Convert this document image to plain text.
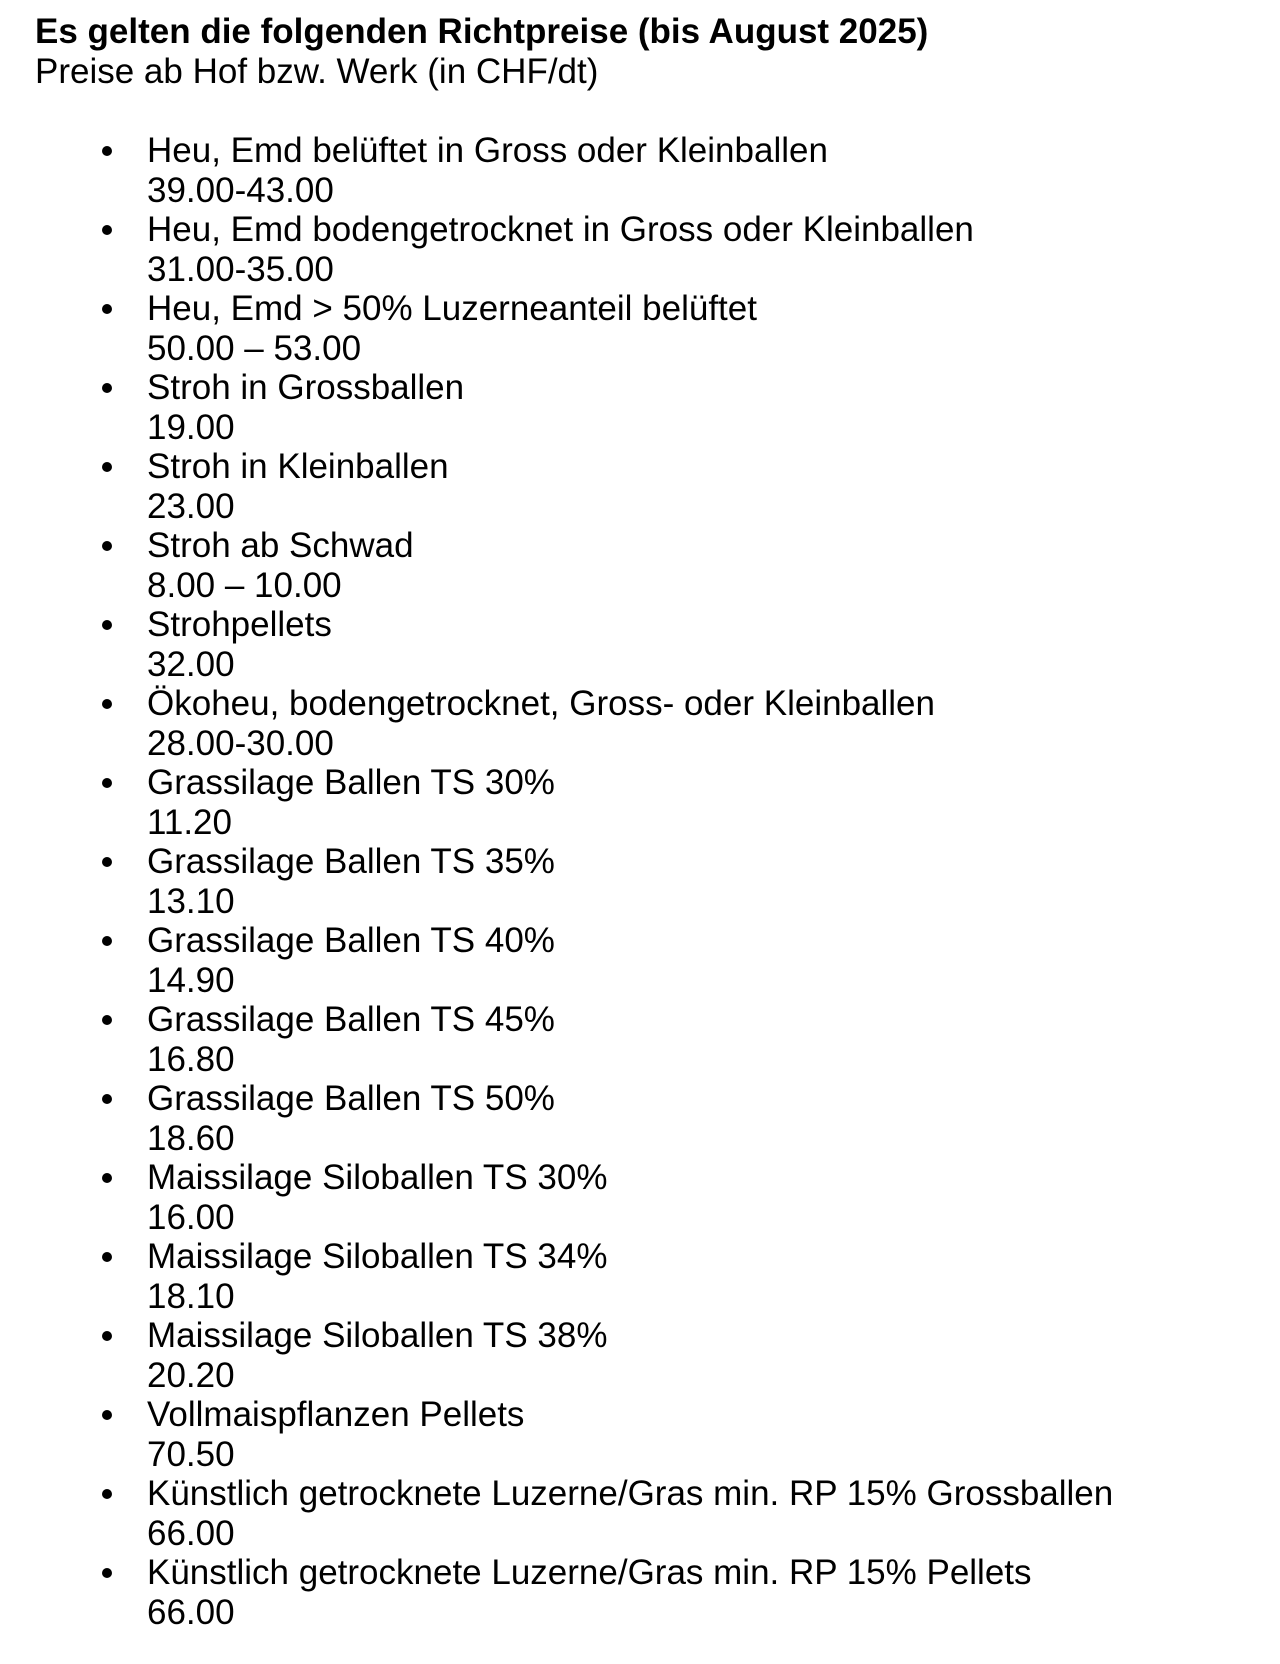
Es gelten die folgenden Richtpreise (bis August 2025)

Preise ab Hof bzw. Werk (in CHF/dt)

Heu, Emd belüftet in Gross oder Kleinballen
39.00-43.00
Heu, Emd bodengetrocknet in Gross oder Kleinballen
31.00-35.00
Heu, Emd > 50% Luzerneanteil belüftet
50.00 – 53.00
Stroh in Grossballen
19.00
Stroh in Kleinballen
23.00
Stroh ab Schwad
8.00 – 10.00
Strohpellets
32.00
Ökoheu, bodengetrocknet, Gross- oder Kleinballen
28.00-30.00
Grassilage Ballen TS 30%
11.20
Grassilage Ballen TS 35%
13.10
Grassilage Ballen TS 40%
14.90
Grassilage Ballen TS 45%
16.80
Grassilage Ballen TS 50%
18.60
Maissilage Siloballen TS 30%
16.00
Maissilage Siloballen TS 34%
18.10
Maissilage Siloballen TS 38%
20.20
Vollmaispflanzen Pellets
70.50
Künstlich getrocknete Luzerne/Gras min. RP 15% Grossballen
66.00
Künstlich getrocknete Luzerne/Gras min. RP 15% Pellets
66.00
